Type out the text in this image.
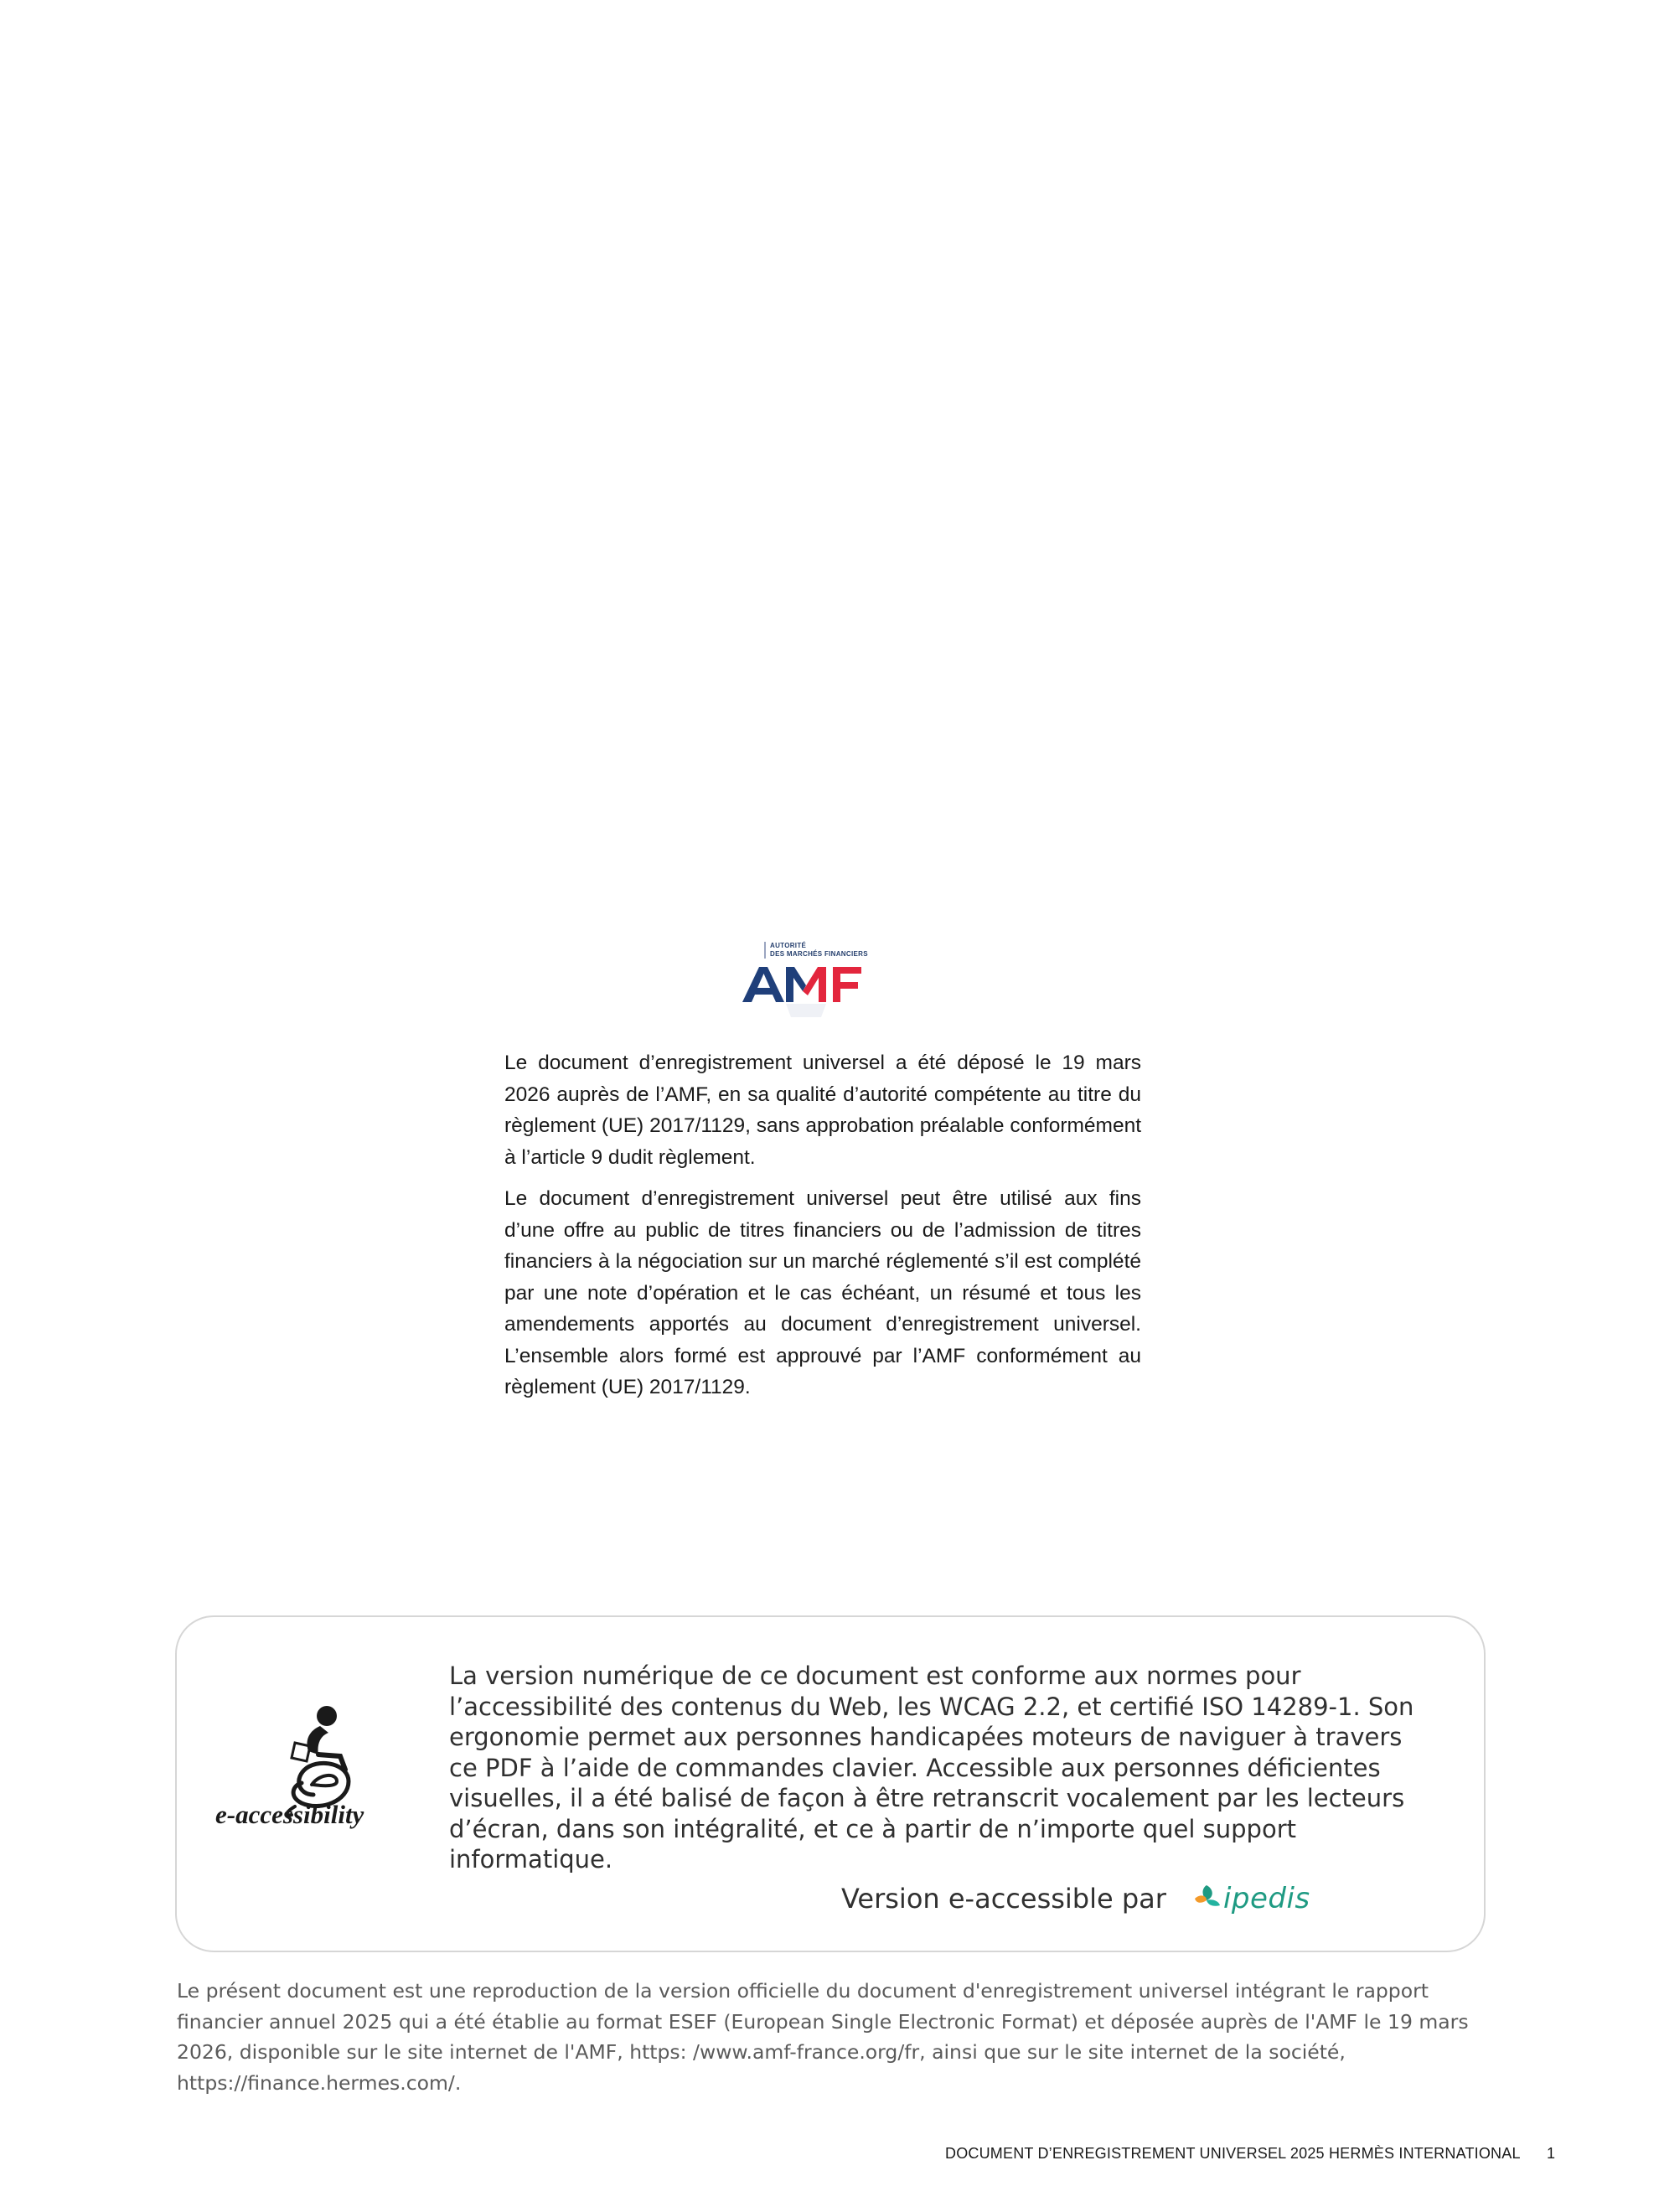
AUTORITÉ
DES MARCHÉS FINANCIERS

Le document d’enregistrement universel a été déposé le 19 mars 2026 auprès de l’AMF, en sa qualité d’autorité compétente au titre du règlement (UE) 2017/1129, sans approbation préalable conformément à l’article 9 dudit règlement.

Le document d’enregistrement universel peut être utilisé aux fins d’une offre au public de titres financiers ou de l’admission de titres financiers à la négociation sur un marché réglementé s’il est complété par une note d’opération et le cas échéant, un résumé et tous les amendements apportés au document d’enregistrement universel. L’ensemble alors formé est approuvé par l’AMF conformément au règlement (UE) 2017/1129.

e-accessibility
La version numérique de ce document est conforme aux normes pour l’accessibilité des contenus du Web, les WCAG 2.2, et certifié ISO 14289-1. Son ergonomie permet aux personnes handicapées moteurs de naviguer à travers ce PDF à l’aide de commandes clavier. Accessible aux personnes déficientes visuelles, il a été balisé de façon à être retranscrit vocalement par les lecteurs d’écran, dans son intégralité, et ce à partir de n’importe quel support informatique.
Version e-accessible par ipedis
Le présent document est une reproduction de la version officielle du document d'enregistrement universel intégrant le rapport financier annuel 2025 qui a été établie au format ESEF (European Single Electronic Format) et déposée auprès de l'AMF le 19 mars 2026, disponible sur le site internet de l'AMF, https: /www.amf-france.org/fr, ainsi que sur le site internet de la société, https://finance.hermes.com/.
DOCUMENT D’ENREGISTREMENT UNIVERSEL 2025 HERMÈS INTERNATIONAL 1
